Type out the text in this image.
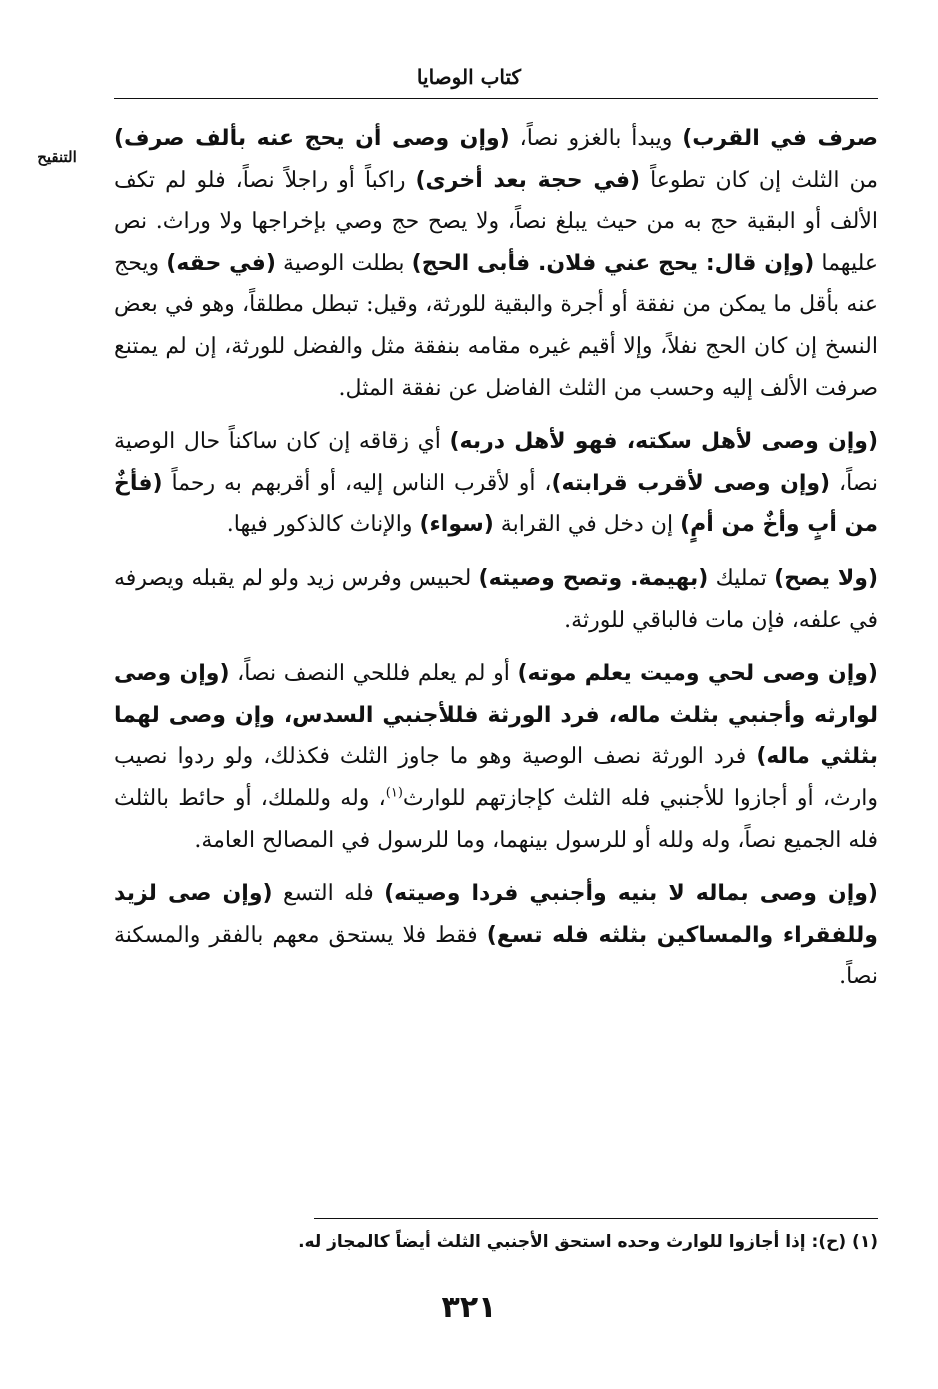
كتاب الوصايا
التنقيح

صرف في القرب) ويبدأ بالغزو نصاً، (وإن وصى أن يحج عنه بألف صرف) من الثلث إن كان تطوعاً (في حجة بعد أخرى) راكباً أو راجلاً نصاً، فلو لم تكف الألف أو البقية حج به من حيث يبلغ نصاً، ولا يصح حج وصي بإخراجها ولا وراث. نص عليهما (وإن قال: يحج عني فلان. فأبى الحج) بطلت الوصية (في حقه) ويحج عنه بأقل ما يمكن من نفقة أو أجرة والبقية للورثة، وقيل: تبطل مطلقاً، وهو في بعض النسخ إن كان الحج نفلاً، وإلا أقيم غيره مقامه بنفقة مثل والفضل للورثة، إن لم يمتنع صرفت الألف إليه وحسب من الثلث الفاضل عن نفقة المثل.

(وإن وصى لأهل سكته، فهو لأهل دربه) أي زقاقه إن كان ساكناً حال الوصية نصاً، (وإن وصى لأقرب قرابته)، أو لأقرب الناس إليه، أو أقربهم به رحماً (فأخٌ من أبٍ وأخٌ من أمٍ) إن دخل في القرابة (سواء) والإناث كالذكور فيها.

(ولا يصح) تمليك (بهيمة. وتصح وصيته) لحبيس وفرس زيد ولو لم يقبله ويصرفه في علفه، فإن مات فالباقي للورثة.

(وإن وصى لحي وميت يعلم موته) أو لم يعلم فللحي النصف نصاً، (وإن وصى لوارثه وأجنبي بثلث ماله، فرد الورثة فللأجنبي السدس، وإن وصى لهما بثلثي ماله) فرد الورثة نصف الوصية وهو ما جاوز الثلث فكذلك، ولو ردوا نصيب وارث، أو أجازوا للأجنبي فله الثلث كإجازتهم للوارث$^{(١)}$، وله وللملك، أو حائط بالثلث فله الجميع نصاً، وله ولله أو للرسول بينهما، وما للرسول في المصالح العامة.

(وإن وصى بماله لا بنيه وأجنبي فردا وصيته) فله التسع (وإن صى لزيد وللفقراء والمساكين بثلثه فله تسع) فقط فلا يستحق معهم بالفقر والمسكنة نصاً.

(١) (ح): إذا أجازوا للوارث وحده استحق الأجنبي الثلث أيضاً كالمجاز له.
٣٢١
